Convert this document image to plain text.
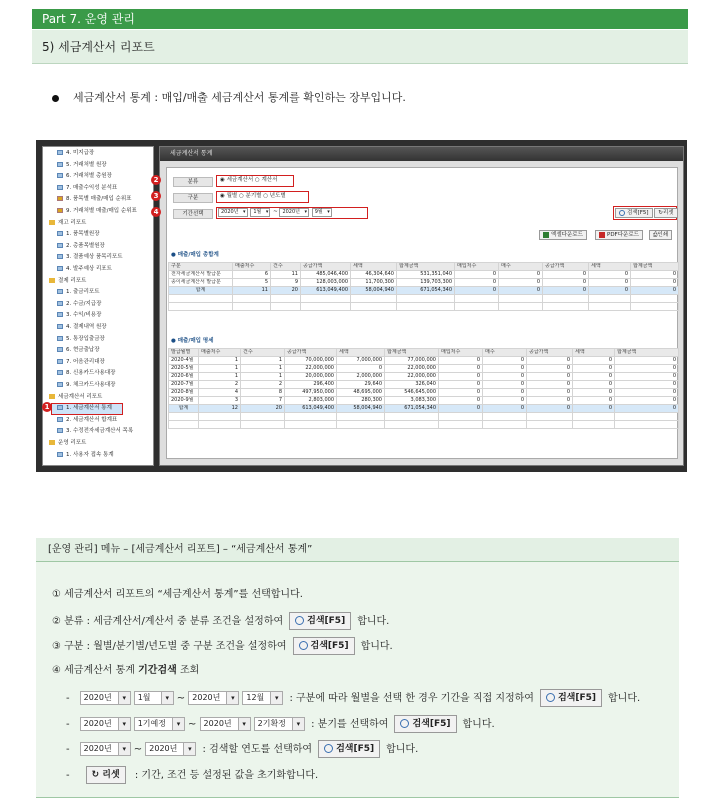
Part 7. 운영 관리
5) 세금계산서 리포트
세금계산서 통계 : 매입/매출 세금계산서 통계를 확인하는 장부입니다.
4. 미지급장
5. 거래처별 원장
6. 거래처별 총원장
7. 매출수익성 분석표
8. 품목별 매출/매입 순위표
9. 거래처별 매출/매입 순위표
재고 리포트
1. 품목별원장
2. 총품목별원장
3. 결품예상 품목리포트
4. 발주예상 리포트
결제 리포트
1. 출금리포트
2. 수금/지급장
3. 수익/비용장
4. 결제내역 원장
5. 통장입출금장
6. 현금출납장
7. 어음관리대장
8. 신용카드사용대장
9. 체크카드사용대장
세금계산서 리포트
1. 세금계산서 통계
2. 세금계산서 합계표
3. 수정전자세금계산서 목록
운영 리포트
1. 사용자 접속 통계
1
세금계산서 통계
분류	◉ 세금계산서 ○ 계산서
구분	◉ 월별 ○ 분기별 ○ 년도별
기간선택	2020년 ▾	1월 ▾ ~ 2020년 ▾	9월 ▾	검색[F5] ↻리셋
엑셀다운로드	PDF다운로드	⎙인쇄
● 매출/매입 총합계
구분	매출처수	건수	공급가액	세액	합계금액	매입처수	매수	공급가액	세액	합계금액
전자세금계산서 발급분	6	11	485,046,400	46,304,640	531,351,040	0	0	0	0	0
종이세금계산서 발급분	5	9	128,003,000	11,700,300	139,703,300	0	0	0	0	0
합계	11	20	613,049,400	58,004,940	671,054,340	0	0	0	0	0

● 매출/매입 명세
발급월별	매출처수	건수	공급가액	세액	합계금액	매입처수	매수	공급가액	세액	합계금액
2020-4월	1	1	70,000,000	7,000,000	77,000,000	0	0	0	0	0
2020-5월	1	1	22,000,000	0	22,000,000	0	0	0	0	0
2020-6월	1	1	20,000,000	2,000,000	22,000,000	0	0	0	0	0
2020-7월	2	2	296,400	29,640	326,040	0	0	0	0	0
2020-8월	4	8	497,950,000	48,695,000	546,645,000	0	0	0	0	0
2020-9월	3	7	2,803,000	280,300	3,083,300	0	0	0	0	0
합계	12	20	613,049,400	58,004,940	671,054,340	0	0	0	0	0

2
3
4
[운영 관리] 메뉴 – [세금계산서 리포트] – “세금계산서 통계”
① 세금계산서 리포트의 “세금계산서 통계”를 선택합니다.
② 분류 : 세금계산서/계산서 중 분류 조건을 설정하여	검색[F5] 합니다.
③ 구분 : 월별/분기별/년도별 중 구분 조건을 설정하여	검색[F5] 합니다.
④ 세금계산서 통계 기간검색 조회
- 2020년 ▾	1월 ▾	~ 2020년 ▾	12월 ▾	: 구분에 따라 월별을 선택 한 경우 기간을 직접 지정하여	검색[F5] 합니다.
- 2020년 ▾	1기예정 ▾ ~ 2020년 ▾	2기확정 ▾	: 분기를 선택하여	검색[F5] 합니다.
- 2020년 ▾ ~ 2020년 ▾	: 검색할 연도를 선택하여	검색[F5] 합니다.
- ↻ 리셋 : 기간, 조건 등 설정된 값을 초기화합니다.
